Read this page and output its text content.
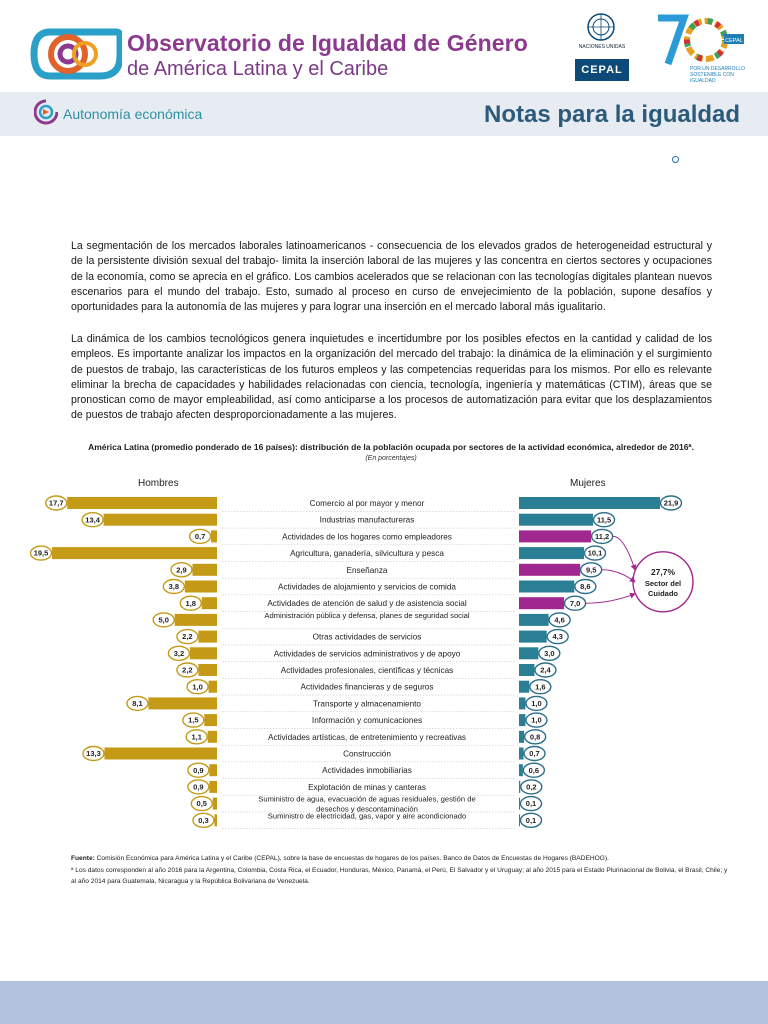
Observatorio de Igualdad de Género
de América Latina y el Caribe
NACIONES UNIDAS
CEPAL
CEPAL
POR UN DESARROLLO SOSTENIBLE CON IGUALDAD
Autonomía económica	Notas para la igualdad
La segmentación de los mercados laborales latinoamericanos - consecuencia de los elevados grados de heterogeneidad estructural y de la persistente división sexual del trabajo- limita la inserción laboral de las mujeres y las concentra en ciertos sectores y ocupaciones de la economía, como se aprecia en el gráfico. Los cambios acelerados que se relacionan con las tecnologías digitales plantean nuevos escenarios para el mundo del trabajo. Esto, sumado al proceso en curso de envejecimiento de la población, supone desafíos y oportunidades para la autonomía de las mujeres y para lograr una inserción en el mercado laboral más igualitario.
La dinámica de los cambios tecnológicos genera inquietudes e incertidumbre por los posibles efectos en la cantidad y calidad de los empleos. Es importante analizar los impactos en la organización del mercado del trabajo: la dinámica de la eliminación y el surgimiento de puestos de trabajo, las características de los futuros empleos y las competencias requeridas para los mismos. Por ello es relevante eliminar la brecha de capacidades y habilidades relacionadas con ciencia, tecnología, ingeniería y matemáticas (CTIM), áreas que se pronostican como de mayor empleabilidad, así como anticiparse a los procesos de automatización para evitar que los desplazamientos de puestos de trabajo afecten desproporcionadamente a las mujeres.
América Latina (promedio ponderado de 16 países): distribución de la población ocupada por sectores de la actividad económica, alrededor de 2016ª.
(En porcentajes)
Hombres	Mujeres
Comercio al por mayor y menor
17,7	21,9
Industrias manufactureras
13,4	11,5
Actividades de los hogares como empleadores
0,7	11,2
Agricultura, ganadería, silvicultura y pesca
19,5	10,1
Enseñanza
2,9	9,5
Actividades de alojamiento y servicios de comida
3,8	8,6
Actividades de atención de salud y de asistencia social
1,8	7,0
Administración pública y defensa, planes de seguridad social
5,0	4,6
Otras actividades de servicios
2,2	4,3
Actividades de servicios administrativos y de apoyo
3,2	3,0
Actividades profesionales, científicas y técnicas
2,2	2,4
Actividades financieras y de seguros
1,0	1,6
Transporte y almacenamiento
8,1	1,0
Información y comunicaciones
1,5	1,0
Actividades artísticas, de entretenimiento y recreativas
1,1	0,8
Construcción
13,3	0,7
Actividades inmobiliarias
0,9	0,6
Explotación de minas y canteras
0,9	0,2
Suministro de agua, evacuación de aguas residuales, gestión de
desechos y descontaminación
0,5	0,1
Suministro de electricidad, gas, vapor y aire acondicionado
0,3	0,1
27,7%
Sector del Cuidado
Fuente: Comisión Económica para América Latina y el Caribe (CEPAL), sobre la base de encuestas de hogares de los países. Banco de Datos de Encuestas de Hogares (BADEHOG).
ª Los datos corresponden al año 2016 para la Argentina, Colombia, Costa Rica, el Ecuador, Honduras, México, Panamá, el Perú, El Salvador y el Uruguay; al año 2015 para el Estado Plurinacional de Bolivia, el Brasil, Chile; y al año 2014 para Guatemala, Nicaragua y la República Bolivariana de Venezuela.
